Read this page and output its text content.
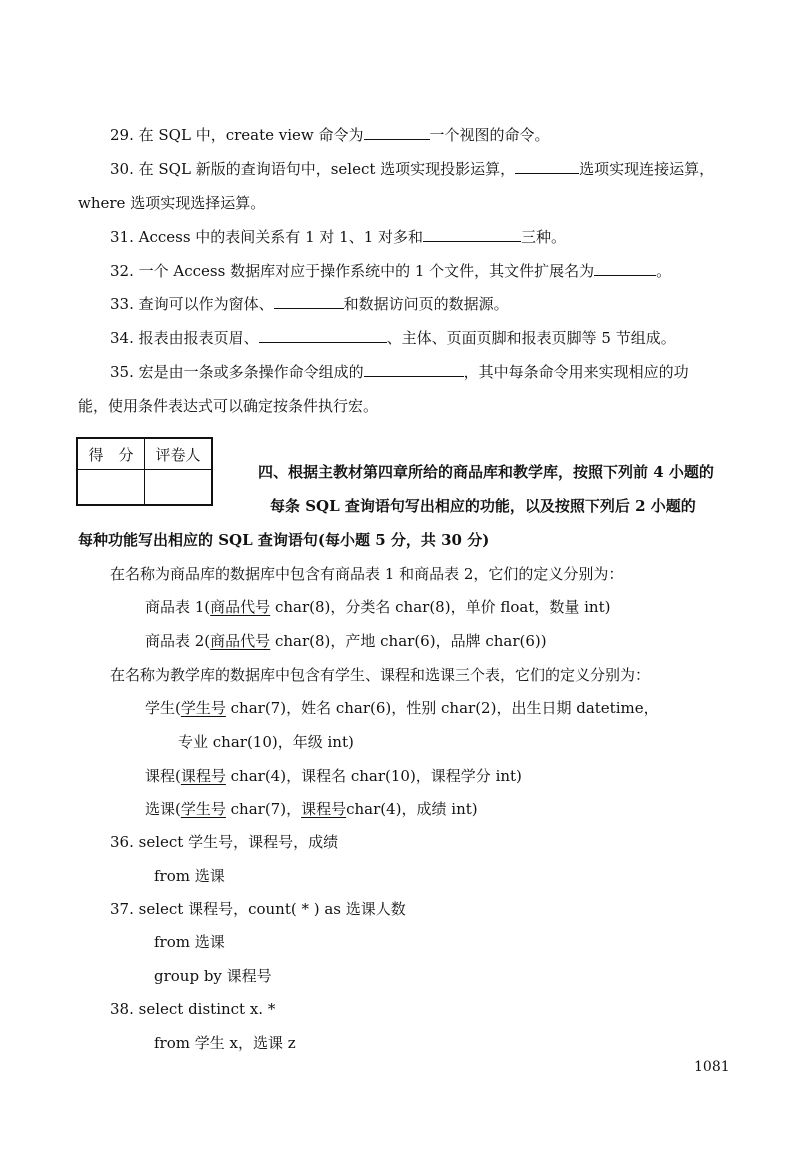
29. 在 SQL 中，create view 命令为	一个视图的命令。
30. 在 SQL 新版的查询语句中，select 选项实现投影运算，	选项实现连接运算，
where 选项实现选择运算。
31. Access 中的表间关系有 1 对 1、1 对多和	三种。
32. 一个 Access 数据库对应于操作系统中的 1 个文件，其文件扩展名为	。
33. 查询可以作为窗体、	和数据访问页的数据源。
34. 报表由报表页眉、	、主体、页面页脚和报表页脚等 5 节组成。
35. 宏是由一条或多条操作命令组成的	，其中每条命令用来实现相应的功
能，使用条件表达式可以确定按条件执行宏。
得　分	评卷人

四、根据主教材第四章所给的商品库和教学库，按照下列前 4 小题的
每条 SQL 查询语句写出相应的功能，以及按照下列后 2 小题的
每种功能写出相应的 SQL 查询语句(每小题 5 分，共 30 分)
在名称为商品库的数据库中包含有商品表 1 和商品表 2，它们的定义分别为：
商品表 1(商品代号 char(8)，分类名 char(8)，单价 float，数量 int)
商品表 2(商品代号 char(8)，产地 char(6)，品牌 char(6))
在名称为教学库的数据库中包含有学生、课程和选课三个表，它们的定义分别为：
学生(学生号 char(7)，姓名 char(6)，性别 char(2)，出生日期 datetime，
专业 char(10)，年级 int)
课程(课程号 char(4)，课程名 char(10)，课程学分 int)
选课(学生号 char(7)，课程号char(4)，成绩 int)
36. select 学生号，课程号，成绩
from 选课
37. select 课程号，count( * ) as 选课人数
from 选课
group by 课程号
38. select distinct x. *
from 学生 x，选课 z
1081
